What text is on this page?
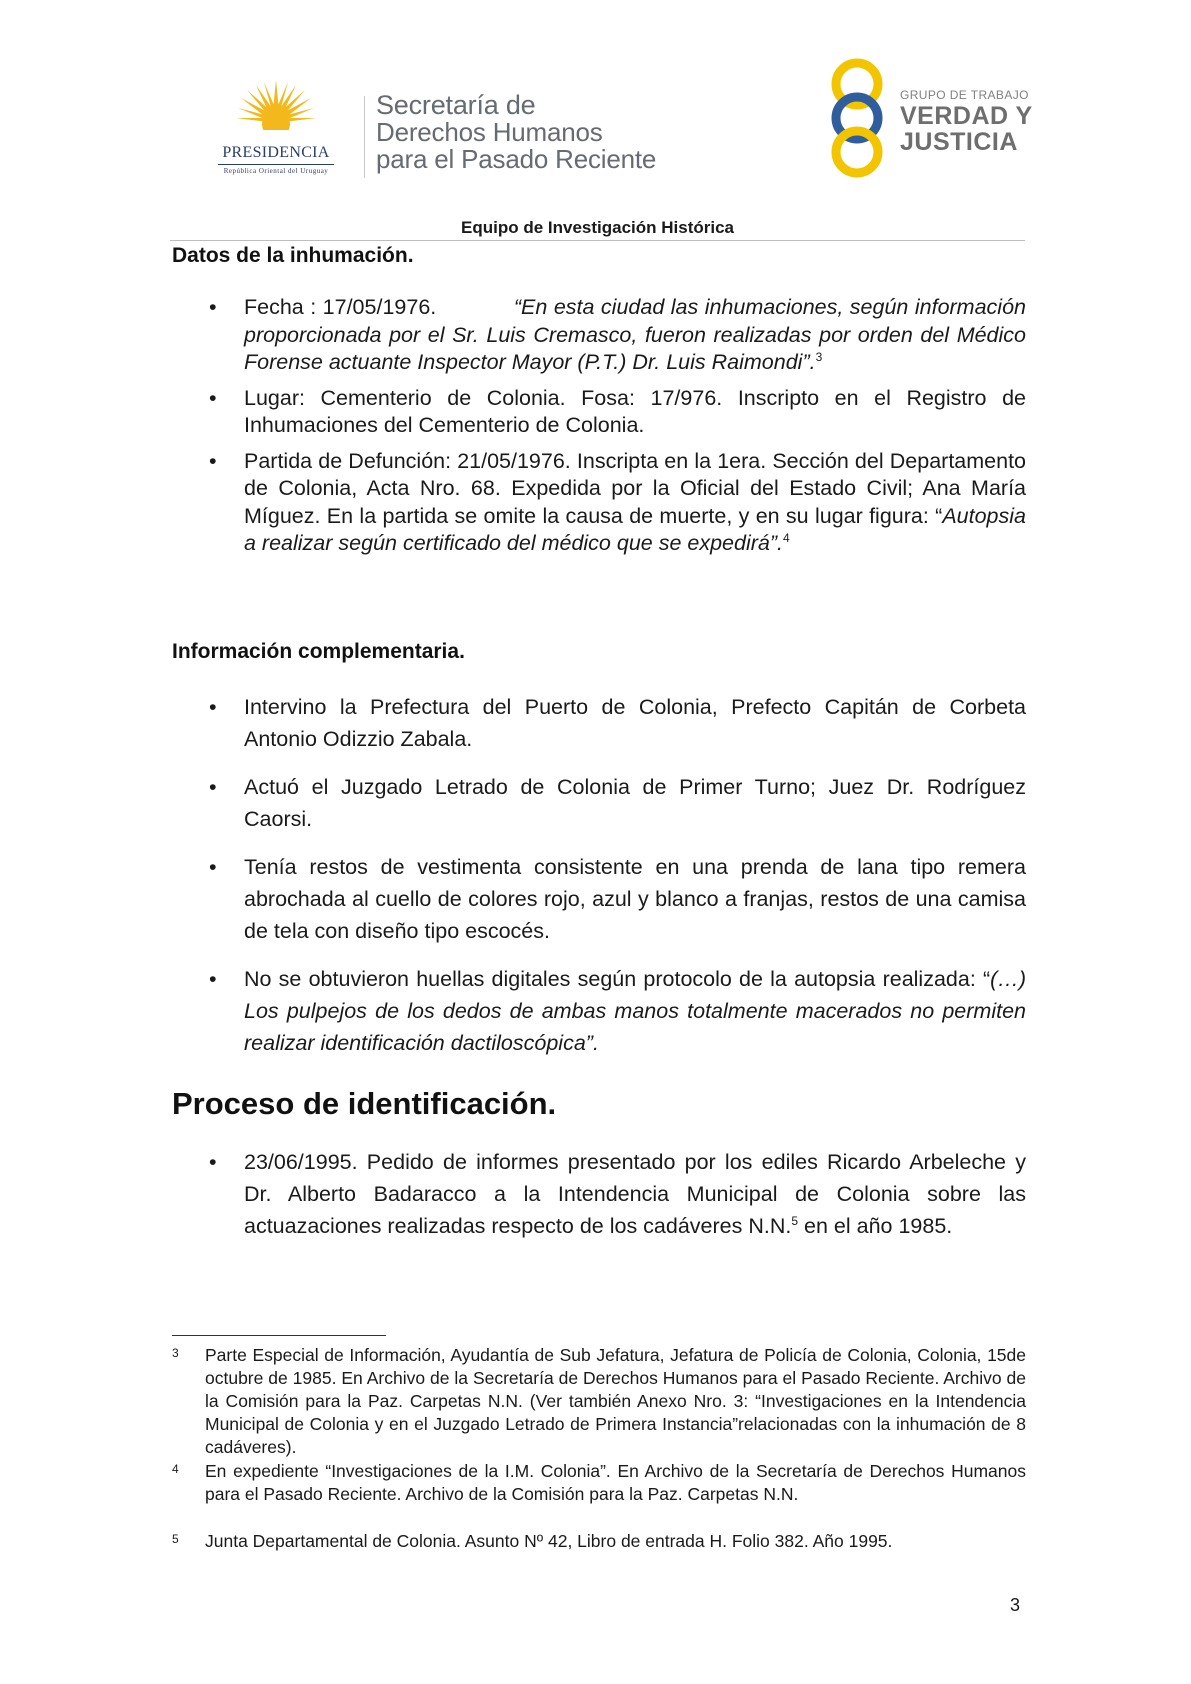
PRESIDENCIA
República Oriental del Uruguay
Secretaría de
Derechos Humanos
para el Pasado Reciente
GRUPO DE TRABAJO
VERDAD Y
JUSTICIA
Equipo de Investigación Histórica
Datos de la inhumación.
• Fecha : 17/05/1976.	“En esta ciudad las inhumaciones, según información proporcionada por el Sr. Luis Cremasco, fueron realizadas por orden del Médico Forense actuante Inspector Mayor (P.T.) Dr. Luis Raimondi”.$^3$
• Lugar: Cementerio de Colonia. Fosa: 17/976. Inscripto en el Registro de Inhumaciones del Cementerio de Colonia.
• Partida de Defunción: 21/05/1976. Inscripta en la 1era. Sección del Departamento de Colonia, Acta Nro. 68. Expedida por la Oficial del Estado Civil; Ana María Míguez. En la partida se omite la causa de muerte, y en su lugar figura: “Autopsia a realizar según certificado del médico que se expedirá”.$^4$
Información complementaria.
• Intervino la Prefectura del Puerto de Colonia, Prefecto Capitán de Corbeta Antonio Odizzio Zabala.
• Actuó el Juzgado Letrado de Colonia de Primer Turno; Juez Dr. Rodríguez Caorsi.
• Tenía restos de vestimenta consistente en una prenda de lana tipo remera abrochada al cuello de colores rojo, azul y blanco a franjas, restos de una camisa de tela con diseño tipo escocés.
• No se obtuvieron huellas digitales según protocolo de la autopsia realizada: “(…) Los pulpejos de los dedos de ambas manos totalmente macerados no permiten realizar identificación dactiloscópica”.
Proceso de identificación.
• 23/06/1995. Pedido de informes presentado por los ediles Ricardo Arbeleche y Dr. Alberto Badaracco a la Intendencia Municipal de Colonia sobre las actuazaciones realizadas respecto de los cadáveres N.N.$^5$ en el año 1985.
3 Parte Especial de Información, Ayudantía de Sub Jefatura, Jefatura de Policía de Colonia, Colonia, 15de octubre de 1985. En Archivo de la Secretaría de Derechos Humanos para el Pasado Reciente. Archivo de la Comisión para la Paz. Carpetas N.N. (Ver también Anexo Nro. 3: “Investigaciones en la Intendencia Municipal de Colonia y en el Juzgado Letrado de Primera Instancia”relacionadas con la inhumación de 8 cadáveres).
4 En expediente “Investigaciones de la I.M. Colonia”. En Archivo de la Secretaría de Derechos Humanos para el Pasado Reciente. Archivo de la Comisión para la Paz. Carpetas N.N.
5 Junta Departamental de Colonia. Asunto Nº 42, Libro de entrada H. Folio 382. Año 1995.
3
